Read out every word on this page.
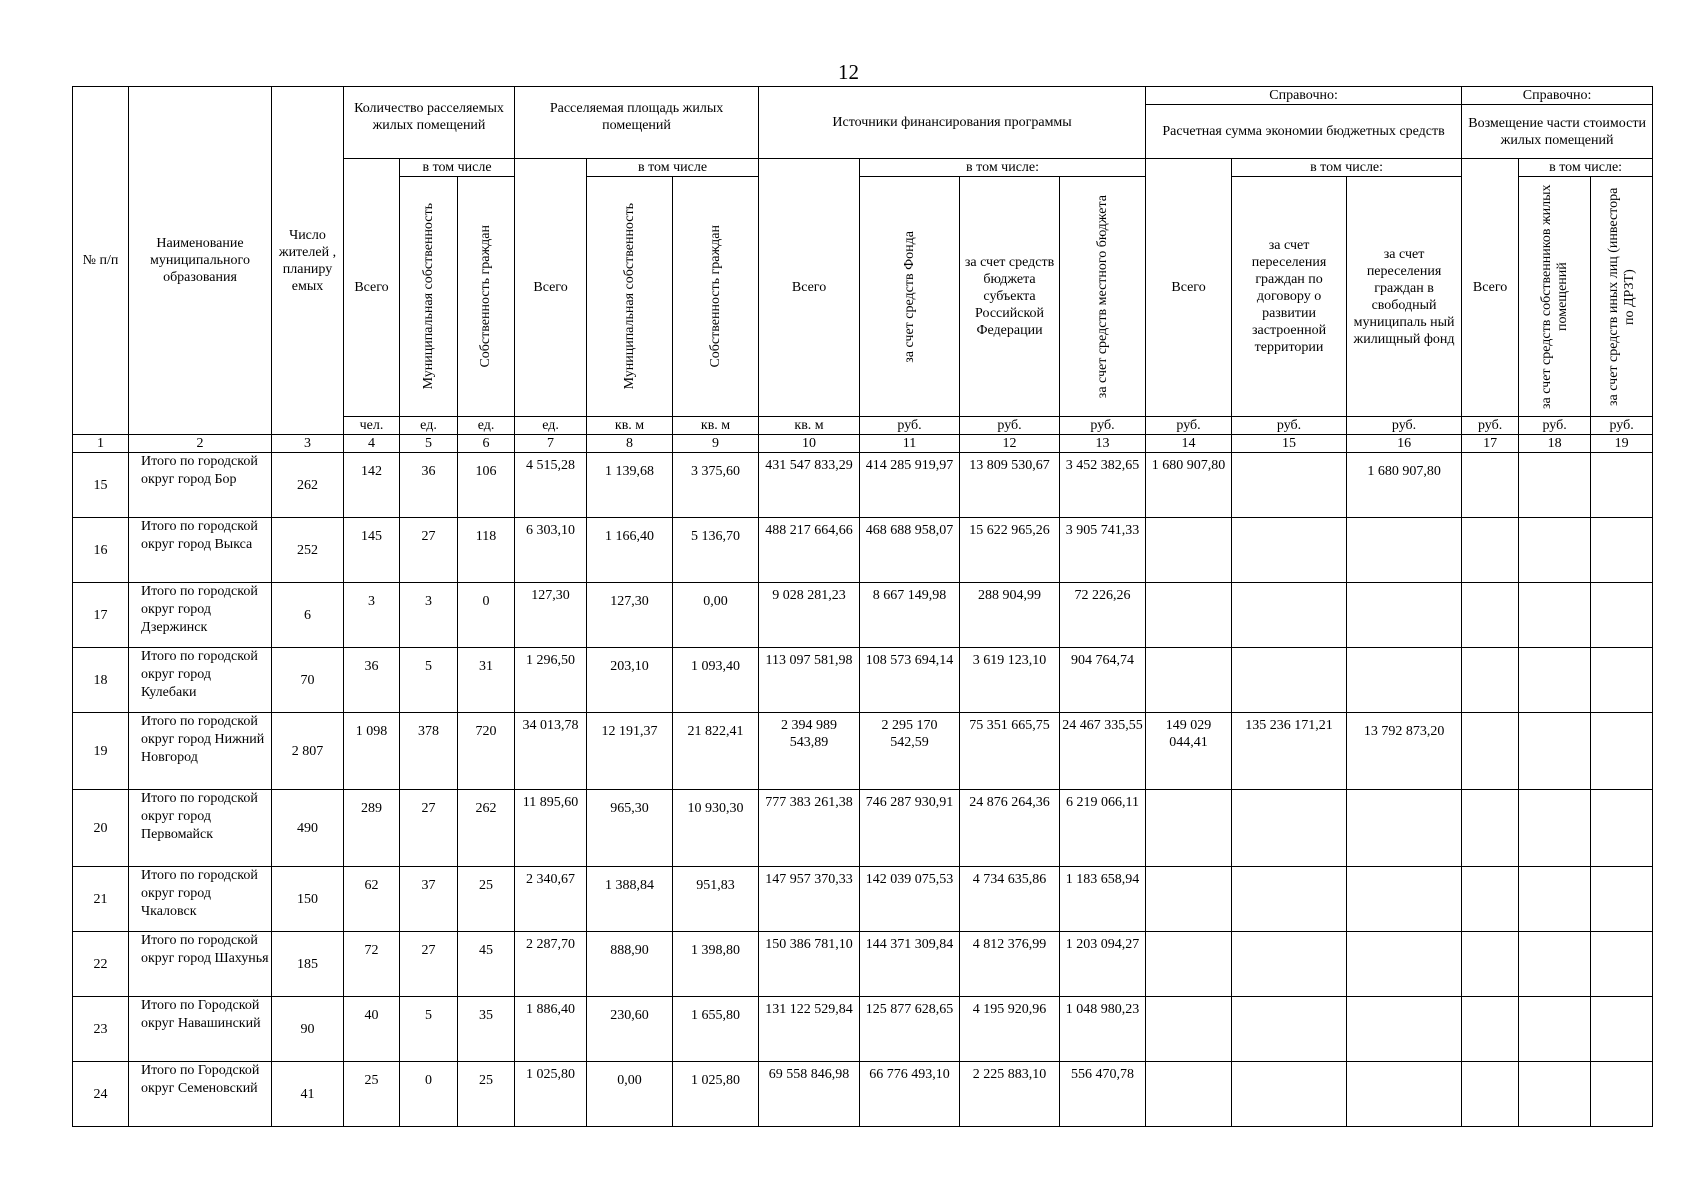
12
№ п/п	Наименование муниципального образования	Число жителей , планиру емых	Количество расселяемых жилых помещений			Расселяемая площадь жилых помещений			Источники финансирования программы				Справочно:			Справочно:			
													Расчетная сумма экономии бюджетных средств			Возмещение части стоимости жилых помещений			
			Всего	в том числе		Всего	в том числе		Всего	в том числе:			Всего	в том числе:		Всего	в том числе:		

				Муниципальная собственность	Собственность граждан		Муниципальная собственность	Собственность граждан		за счет средств Фонда	за счет средств бюджета субъекта Российской Федерации	за счет средств местного бюджета		за счет переселения граждан по договору о развитии застроенной территории	за счет переселения граждан в свободный муниципаль ный жилищный фонд		за счет средств собственников жилых помещений	за счет средств иных лиц (инвестора по ДРЗТ)	

			чел.	ед.	ед.	ед.	кв. м	кв. м	кв. м	руб.	руб.	руб.	руб.	руб.	руб.	руб.	руб.	руб.	
1	2	3	4	5	6	7	8	9	10	11	12	13	14	15	16	17	18	19	
15	Итого по городской округ город Бор	262	142	36	106	4 515,28	1 139,68	3 375,60	431 547 833,29	414 285 919,97	13 809 530,67	3 452 382,65	1 680 907,80		1 680 907,80				
16	Итого по городской округ город Выкса	252	145	27	118	6 303,10	1 166,40	5 136,70	488 217 664,66	468 688 958,07	15 622 965,26	3 905 741,33							
17	Итого по городской округ город Дзержинск	6	3	3	0	127,30	127,30	0,00	9 028 281,23	8 667 149,98	288 904,99	72 226,26							
18	Итого по городской округ город Кулебаки	70	36	5	31	1 296,50	203,10	1 093,40	113 097 581,98	108 573 694,14	3 619 123,10	904 764,74							
19	Итого по городской округ город Нижний Новгород	2 807	1 098	378	720	34 013,78	12 191,37	21 822,41	2 394 989 543,89	2 295 170 542,59	75 351 665,75	24 467 335,55	149 029 044,41	135 236 171,21	13 792 873,20				
20	Итого по городской округ город Первомайск	490	289	27	262	11 895,60	965,30	10 930,30	777 383 261,38	746 287 930,91	24 876 264,36	6 219 066,11							
21	Итого по городской округ город Чкаловск	150	62	37	25	2 340,67	1 388,84	951,83	147 957 370,33	142 039 075,53	4 734 635,86	1 183 658,94							
22	Итого по городской округ город Шахунья	185	72	27	45	2 287,70	888,90	1 398,80	150 386 781,10	144 371 309,84	4 812 376,99	1 203 094,27							
23	Итого по Городской округ Навашинский	90	40	5	35	1 886,40	230,60	1 655,80	131 122 529,84	125 877 628,65	4 195 920,96	1 048 980,23							
24	Итого по Городской округ Семеновский	41	25	0	25	1 025,80	0,00	1 025,80	69 558 846,98	66 776 493,10	2 225 883,10	556 470,78							
